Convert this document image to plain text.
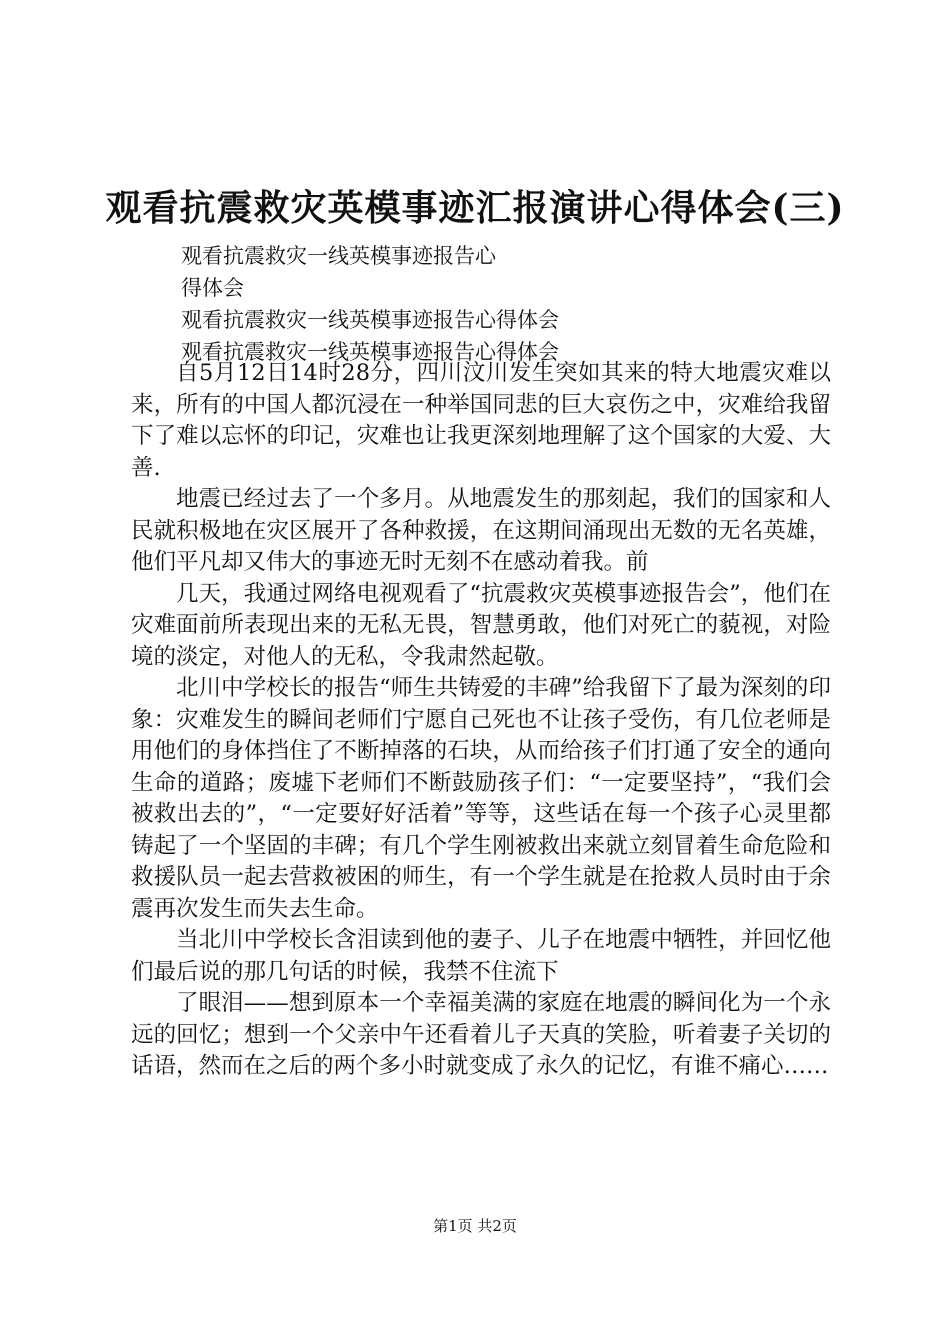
观看抗震救灾英模事迹汇报演讲心得体会(三)

观看抗震救灾一线英模事迹报告心

得体会

观看抗震救灾一线英模事迹报告心得体会

观看抗震救灾一线英模事迹报告心得体会

自5月12日14时28分，四川汶川发生突如其来的特大地震灾难以来，所有的中国人都沉浸在一种举国同悲的巨大哀伤之中，灾难给我留下了难以忘怀的印记，灾难也让我更深刻地理解了这个国家的大爱、大善.

地震已经过去了一个多月。从地震发生的那刻起，我们的国家和人民就积极地在灾区展开了各种救援，在这期间涌现出无数的无名英雄，他们平凡却又伟大的事迹无时无刻不在感动着我。前

几天，我通过网络电视观看了“抗震救灾英模事迹报告会”，他们在灾难面前所表现出来的无私无畏，智慧勇敢，他们对死亡的藐视，对险境的淡定，对他人的无私，令我肃然起敬。

北川中学校长的报告“师生共铸爱的丰碑”给我留下了最为深刻的印象：灾难发生的瞬间老师们宁愿自己死也不让孩子受伤，有几位老师是用他们的身体挡住了不断掉落的石块，从而给孩子们打通了安全的通向生命的道路；废墟下老师们不断鼓励孩子们：“一定要坚持”，“我们会被救出去的”，“一定要好好活着”等等，这些话在每一个孩子心灵里都铸起了一个坚固的丰碑；有几个学生刚被救出来就立刻冒着生命危险和救援队员一起去营救被困的师生，有一个学生就是在抢救人员时由于余震再次发生而失去生命。

当北川中学校长含泪读到他的妻子、儿子在地震中牺牲，并回忆他们最后说的那几句话的时候，我禁不住流下

了眼泪——想到原本一个幸福美满的家庭在地震的瞬间化为一个永远的回忆；想到一个父亲中午还看着儿子天真的笑脸，听着妻子关切的话语，然而在之后的两个多小时就变成了永久的记忆，有谁不痛心……

第1页 共2页
